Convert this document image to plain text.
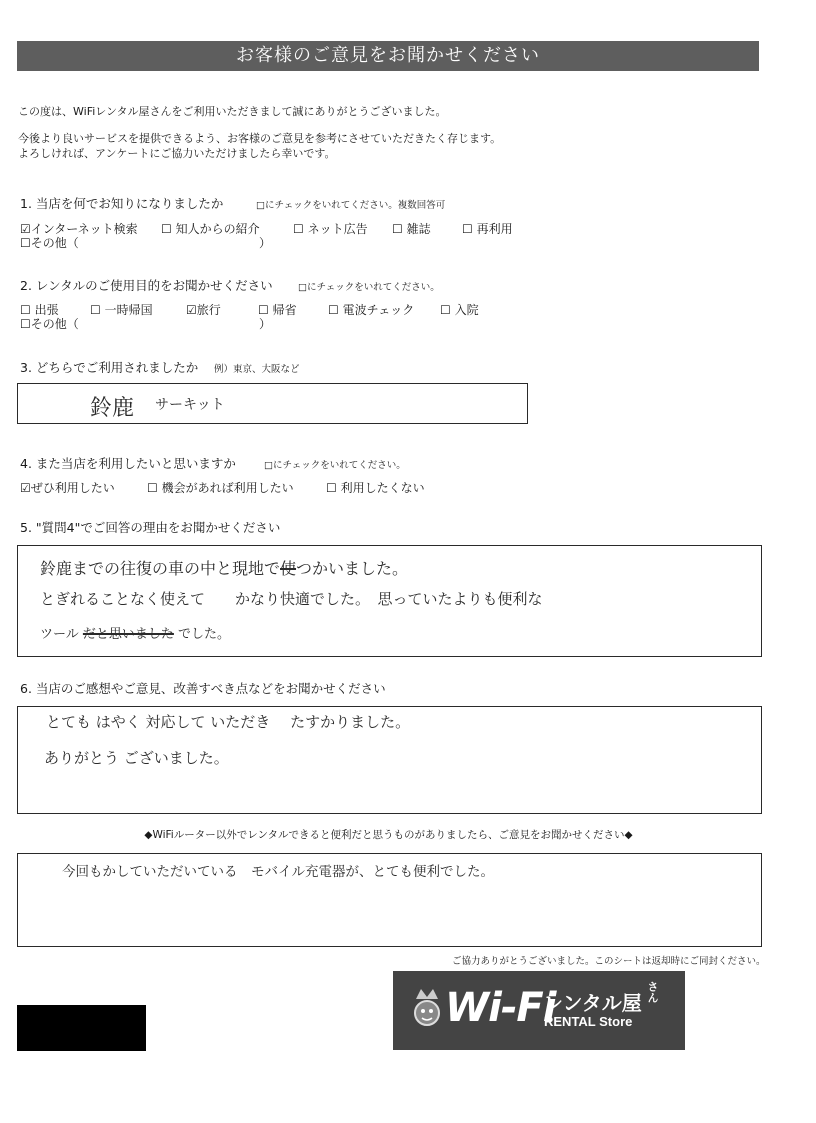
お客様のご意見をお聞かせください
この度は、WiFiレンタル屋さんをご利用いただきまして誠にありがとうございました。
今後より良いサービスを提供できるよう、お客様のご意見を参考にさせていただきたく存じます。
よろしければ、アンケートにご協力いただけましたら幸いです。
1. 当店を何でお知りになりましたか	□にチェックをいれてください。複数回答可
☑インターネット検索 ☐ 知人からの紹介	☐ ネット広告 ☐ 雑誌	☐ 再利用
☐その他（	）
2. レンタルのご使用目的をお聞かせください	□にチェックをいれてください。
☐ 出張	☐ 一時帰国	☑旅行	☐ 帰省	☐ 電波チェック ☐ 入院
☐その他（	）
3. どちらでご利用されましたか 例）東京、大阪など
鈴鹿 サーキット
4. また当店を利用したいと思いますか	□にチェックをいれてください。
☑ぜひ利用したい	☐ 機会があれば利用したい	☐ 利用したくない
5. "質問4"でご回答の理由をお聞かせください
鈴鹿までの往復の車の中と現地で使つかいました。
とぎれることなく使えて　　かなり快適でした。　思っていたよりも便利な
ツール だと思いました でした。
6. 当店のご感想やご意見、改善すべき点などをお聞かせください
とても はやく 対応して いただき　 たすかりました。
ありがとう ございました。
◆WiFiルーター以外でレンタルできると便利だと思うものがありましたら、ご意見をお聞かせください◆
今回もかしていただいている　モバイル充電器が、とても便利でした。
ご協力ありがとうございました。このシートは返却時にご同封ください。
Wi-Fi
レンタル屋 さん
RENTAL Store
